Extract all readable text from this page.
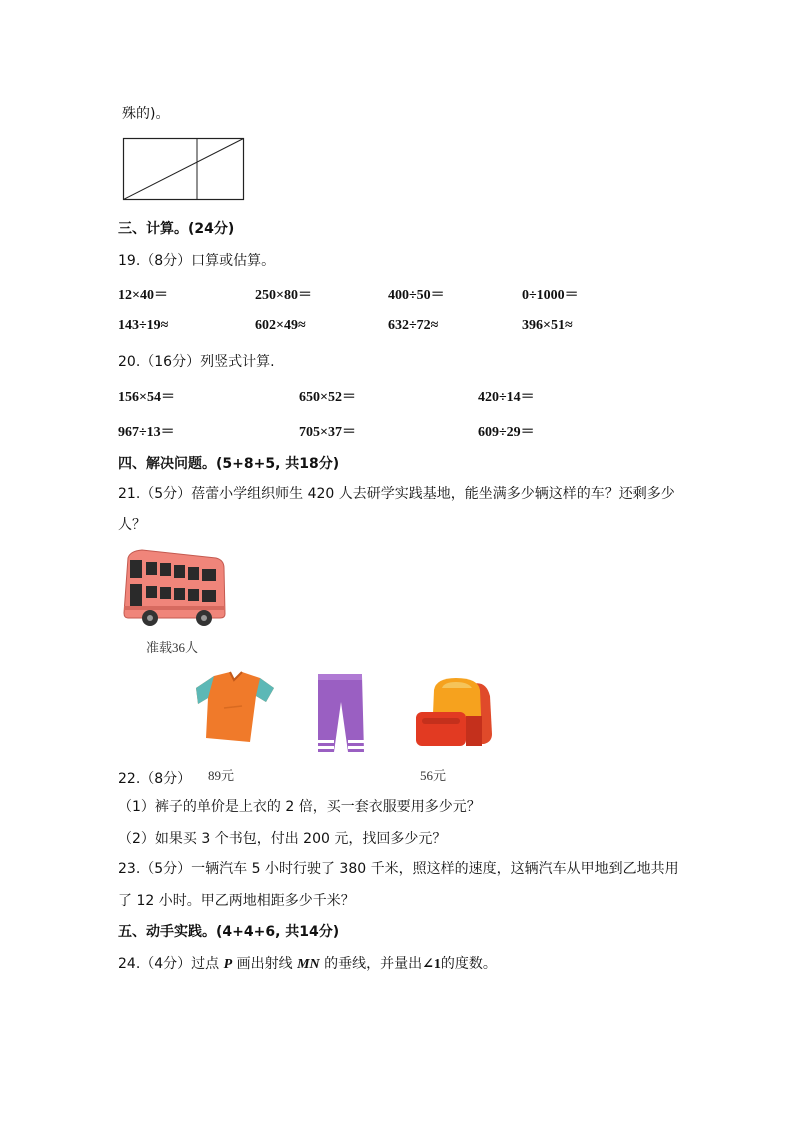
殊的)。
三、计算。(24分)
19.（8分）口算或估算。
12×40＝	250×80＝	400÷50＝	0÷1000＝
143÷19≈	602×49≈	632÷72≈	396×51≈
20.（16分）列竖式计算.
156×54＝	650×52＝	420÷14＝
967÷13＝	705×37＝	609÷29＝
四、解决问题。(5+8+5, 共18分)
21.（5分）蓓蕾小学组织师生 420 人去研学实践基地，能坐满多少辆这样的车？还剩多少
人？
准载36人
89元	56元
22.（8分）
（1）裤子的单价是上衣的 2 倍，买一套衣服要用多少元？
（2）如果买 3 个书包，付出 200 元，找回多少元？
23.（5分）一辆汽车 5 小时行驶了 380 千米，照这样的速度，这辆汽车从甲地到乙地共用
了 12 小时。甲乙两地相距多少千米？
五、动手实践。(4+4+6, 共14分)
24.（4分）过点 P 画出射线 MN 的垂线，并量出∠1的度数。
